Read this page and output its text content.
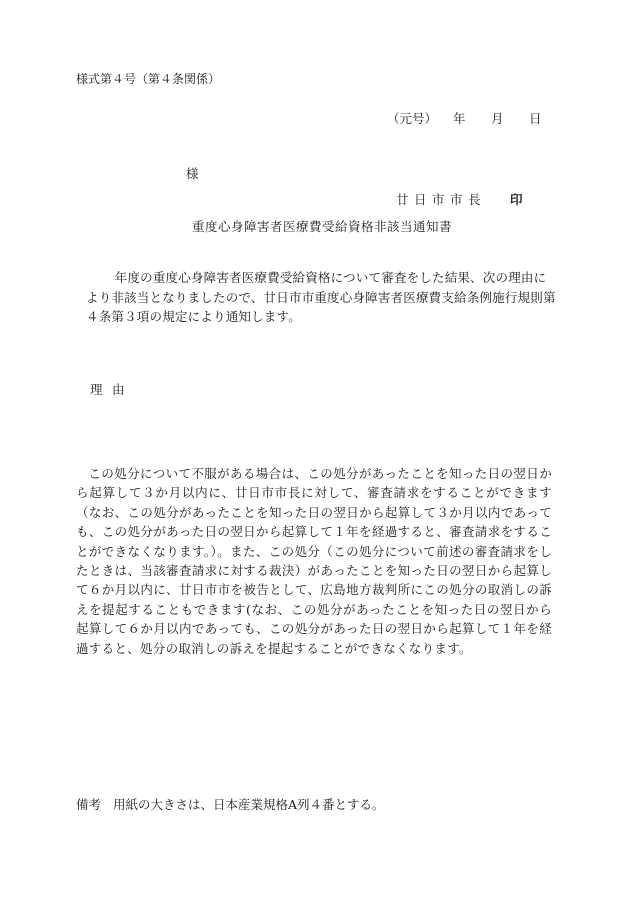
様式第４号（第４条関係）
（元号） 年 月 日
様
廿日市市長 印
重度心身障害者医療費受給資格非該当通知書
年度の重度心身障害者医療費受給資格について審査をした結果、次の理由により非該当となりましたので、廿日市市重度心身障害者医療費支給条例施行規則第４条第３項の規定により通知します。
理 由
この処分について不服がある場合は、この処分があったことを知った日の翌日から起算して３か月以内に、廿日市市長に対して、審査請求をすることができます（なお、この処分があったことを知った日の翌日から起算して３か月以内であっても、この処分があった日の翌日から起算して１年を経過すると、審査請求をすることができなくなります。）。また、この処分（この処分について前述の審査請求をしたときは、当該審査請求に対する裁決）があったことを知った日の翌日から起算して６か月以内に、廿日市市を被告として、広島地方裁判所にこの処分の取消しの訴えを提起することもできます(なお、この処分があったことを知った日の翌日から起算して６か月以内であっても、この処分があった日の翌日から起算して１年を経過すると、処分の取消しの訴えを提起することができなくなります。
備考 用紙の大きさは、日本産業規格A列４番とする。
